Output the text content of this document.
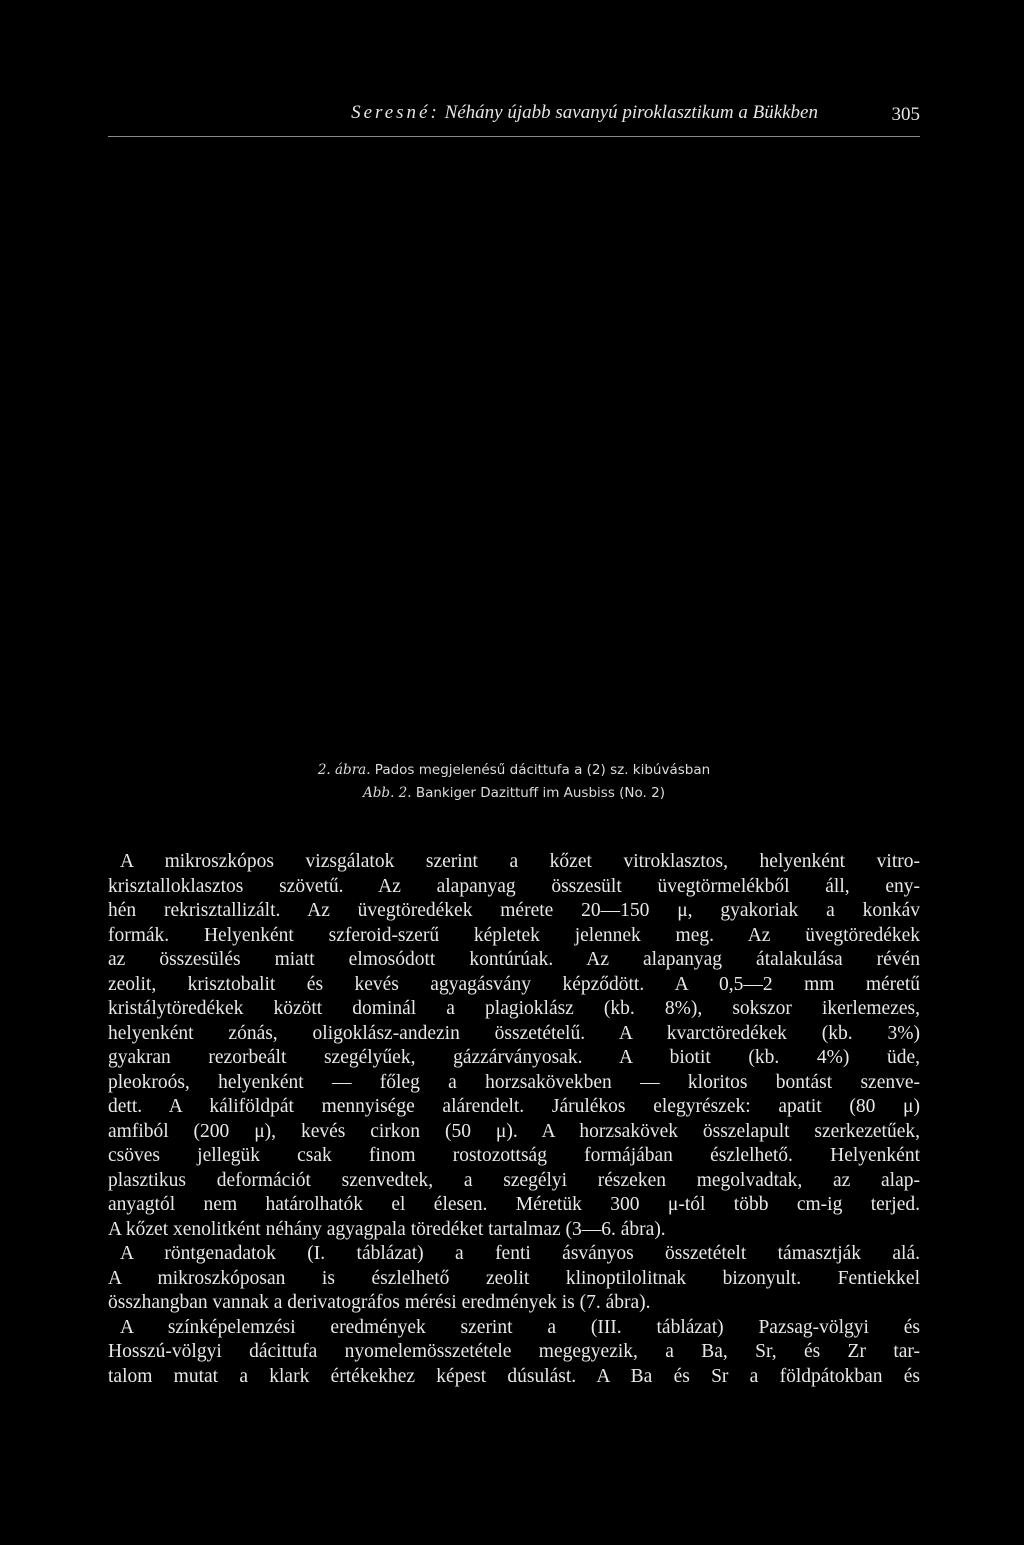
Seresné: Néhány újabb savanyú piroklasztikum a Bükkben	305
2. ábra. Pados megjelenésű dácittufa a (2) sz. kibúvásban
Abb. 2. Bankiger Dazittuff im Ausbiss (No. 2)
A mikroszkópos vizsgálatok szerint a kőzet vitroklasztos, helyenként vitro-
krisztalloklasztos szövetű. Az alapanyag összesült üvegtörmelékből áll, eny-
hén rekrisztallizált. Az üvegtöredékek mérete 20—150 μ, gyakoriak a konkáv
formák. Helyenként szferoid-szerű képletek jelennek meg. Az üvegtöredékek
az összesülés miatt elmosódott kontúrúak. Az alapanyag átalakulása révén
zeolit, krisztobalit és kevés agyagásvány képződött. A 0,5—2 mm méretű
kristálytöredékek között dominál a plagioklász (kb. 8%), sokszor ikerlemezes,
helyenként zónás, oligoklász-andezin összetételű. A kvarctöredékek (kb. 3%)
gyakran rezorbeált szegélyűek, gázzárványosak. A biotit (kb. 4%) üde,
pleokroós, helyenként — főleg a horzsakövekben — kloritos bontást szenve-
dett. A káliföldpát mennyisége alárendelt. Járulékos elegyrészek: apatit (80 μ)
amfiból (200 μ), kevés cirkon (50 μ). A horzsakövek összelapult szerkezetűek,
csöves jellegük csak finom rostozottság formájában észlelhető. Helyenként
plasztikus deformációt szenvedtek, a szegélyi részeken megolvadtak, az alap-
anyagtól nem határolhatók el élesen. Méretük 300 μ-tól több cm-ig terjed.
A kőzet xenolitként néhány agyagpala töredéket tartalmaz (3—6. ábra).
A röntgenadatok (I. táblázat) a fenti ásványos összetételt támasztják alá.
A mikroszkóposan is észlelhető zeolit klinoptilolitnak bizonyult. Fentiekkel
összhangban vannak a derivatográfos mérési eredmények is (7. ábra).
A színképelemzési eredmények szerint a (III. táblázat) Pazsag-völgyi és
Hosszú-völgyi dácittufa nyomelemösszetétele megegyezik, a Ba, Sr, és Zr tar-
talom mutat a klark értékekhez képest dúsulást. A Ba és Sr a földpátokban és
